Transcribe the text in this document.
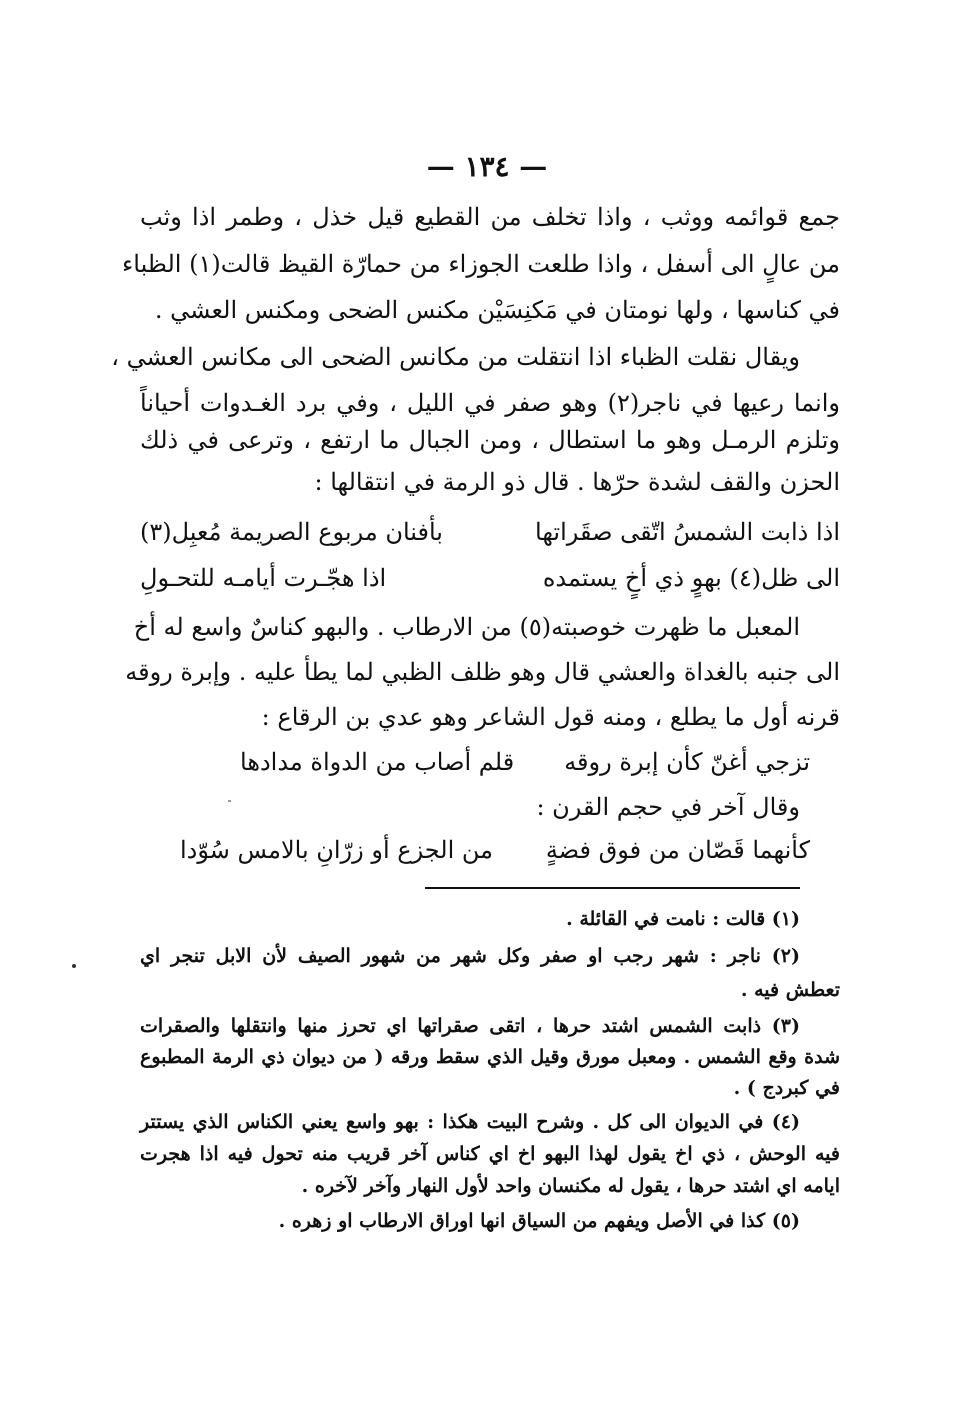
— ١٣٤ —
جمع قوائمه ووثب ، واذا تخلف من القطيع قيل خذل ، وطمر اذا وثب
من عالٍ الى أسفل ، واذا طلعت الجوزاء من حمارّة القيظ قالت(١) الظباء
في كناسها ، ولها نومتان في مَكنِسَيْن مكنس الضحى ومكنس العشي .
ويقال نقلت الظباء اذا انتقلت من مكانس الضحى الى مكانس العشي ،
وانما رعيها في ناجر(٢) وهو صفر في الليل ، وفي برد الغـدوات أحياناً
وتلزم الرمـل وهو ما استطال ، ومن الجبال ما ارتفع ، وترعى في ذلك
الحزن والقف لشدة حرّها . قال ذو الرمة في انتقالها :
اذا ذابت الشمسُ اتّقى صقَراتها
بأفنان مربوع الصريمة مُعبِل(٣)
الى ظل(٤) بهوٍ ذي أخٍ يستمده
اذا هجّـرت أيامـه للتحـولِ
المعبل ما ظهرت خوصبته(٥) من الارطاب . والبهو كناسٌ واسع له أخ
الى جنبه بالغداة والعشي قال وهو ظلف الظبي لما يطأ عليه . وإبرة روقه
قرنه أول ما يطلع ، ومنه قول الشاعر وهو عدي بن الرقاع :
تزجي أغنّ كأن إبرة روقه
قلم أصاب من الدواة مدادها
وقال آخر في حجم القرن :
كأنهما قَصّان من فوق فضةٍ
من الجزع أو زرّانِ بالامس سُوّدا
(١) قالت : نامت في القائلة .
(٢) ناجر : شهر رجب او صفر وكل شهر من شهور الصيف لأن الابل تنجر اي
تعطش فيه .
(٣) ذابت الشمس اشتد حرها ، اتقى صقراتها اي تحرز منها وانتقلها والصقرات
شدة وقع الشمس . ومعبل مورق وقيل الذي سقط ورقه ( من ديوان ذي الرمة المطبوع
في كبردج ) .
(٤) في الديوان الى كل . وشرح البيت هكذا : بهو واسع يعني الكناس الذي يستتر
فيه الوحش ، ذي اخ يقول لهذا البهو اخ اي كناس آخر قريب منه تحول فيه اذا هجرت
ايامه اي اشتد حرها ، يقول له مكنسان واحد لأول النهار وآخر لآخره .
(٥) كذا في الأصل ويفهم من السياق انها اوراق الارطاب او زهره .
